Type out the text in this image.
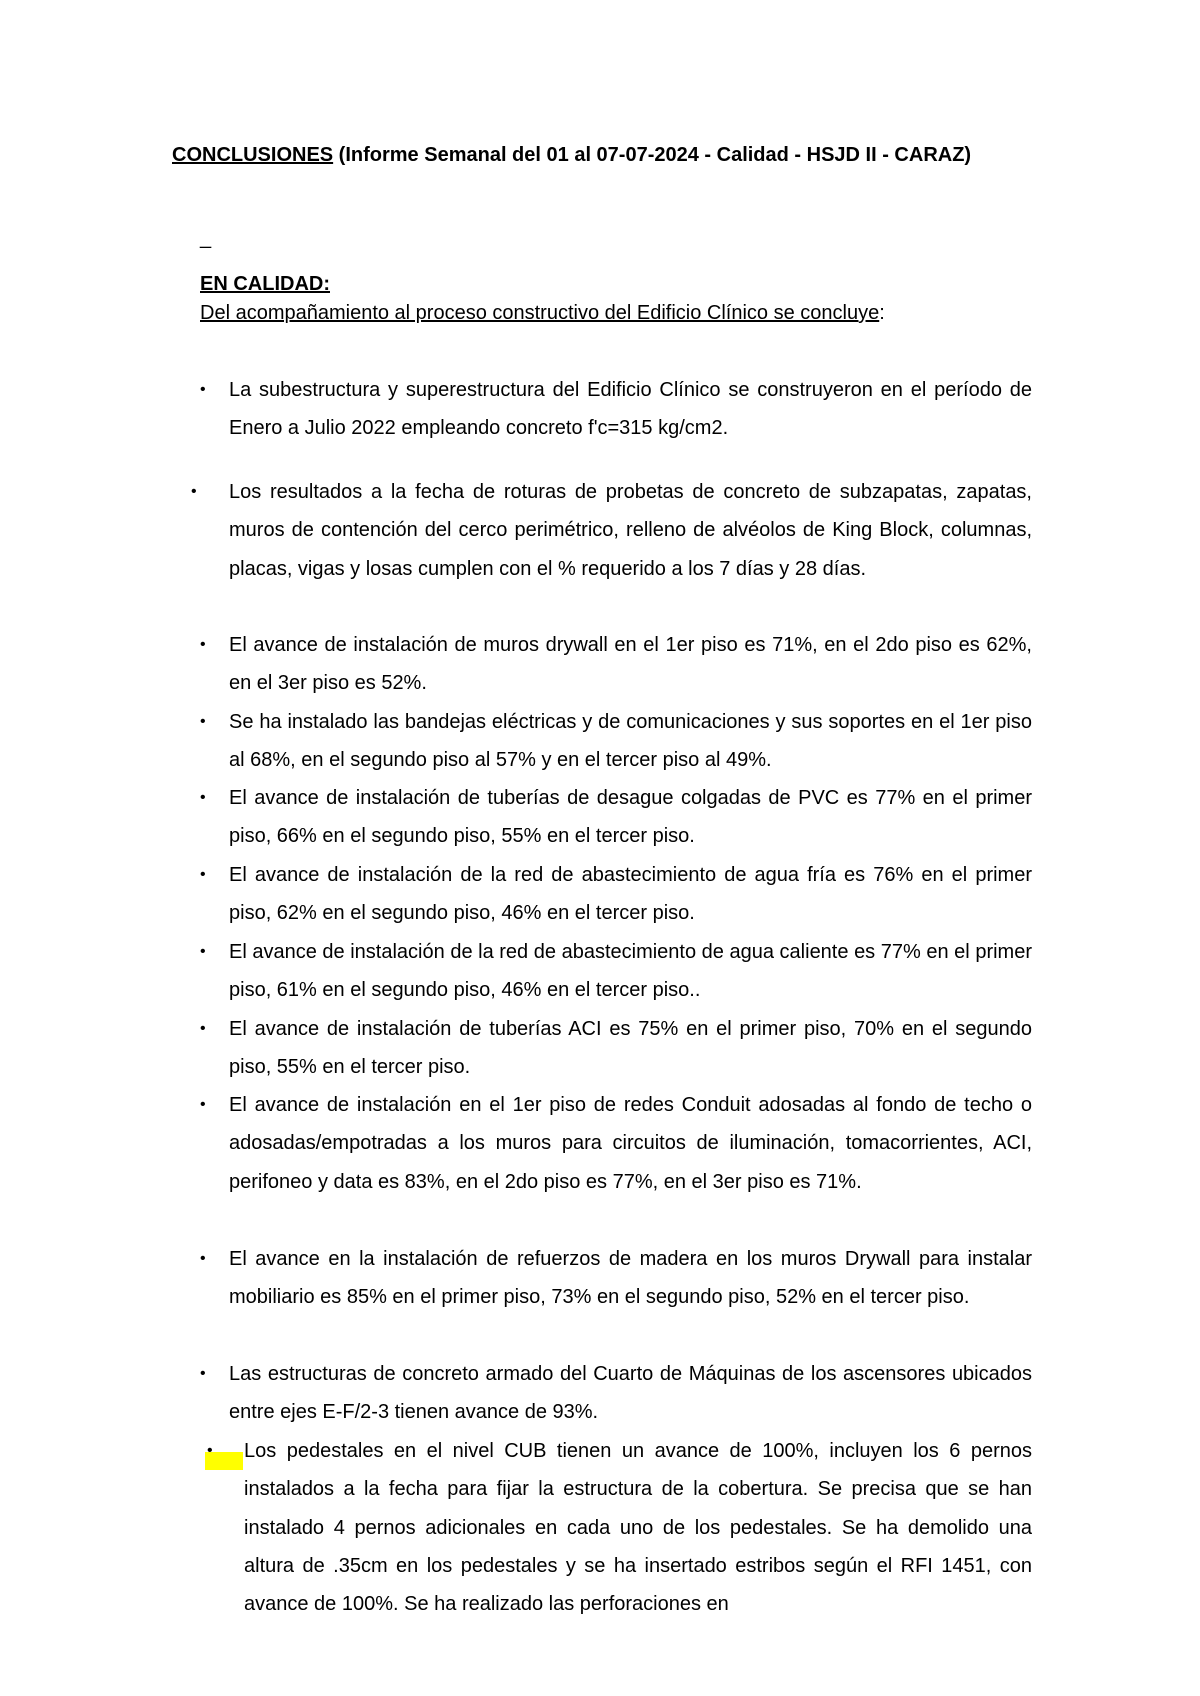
CONCLUSIONES (Informe Semanal del 01 al 07-07-2024 - Calidad - HSJD II - CARAZ)
_
EN CALIDAD:
Del acompañamiento al proceso constructivo del Edificio Clínico se concluye:
• La subestructura y superestructura del Edificio Clínico se construyeron en el período de Enero a Julio 2022 empleando concreto f'c=315 kg/cm2.
• Los resultados a la fecha de roturas de probetas de concreto de subzapatas, zapatas, muros de contención del cerco perimétrico, relleno de alvéolos de King Block, columnas, placas, vigas y losas cumplen con el % requerido a los 7 días y 28 días.
• El avance de instalación de muros drywall en el 1er piso es 71%, en el 2do piso es 62%, en el 3er piso es 52%.
• Se ha instalado las bandejas eléctricas y de comunicaciones y sus soportes en el 1er piso al 68%, en el segundo piso al 57% y en el tercer piso al 49%.
• El avance de instalación de tuberías de desague colgadas de PVC es 77% en el primer piso, 66% en el segundo piso, 55% en el tercer piso.
• El avance de instalación de la red de abastecimiento de agua fría es 76% en el primer piso, 62% en el segundo piso, 46% en el tercer piso.
• El avance de instalación de la red de abastecimiento de agua caliente es 77% en el primer piso, 61% en el segundo piso, 46% en el tercer piso..
• El avance de instalación de tuberías ACI es 75% en el primer piso, 70% en el segundo piso, 55% en el tercer piso.
• El avance de instalación en el 1er piso de redes Conduit adosadas al fondo de techo o adosadas/empotradas a los muros para circuitos de iluminación, tomacorrientes, ACI, perifoneo y data es 83%, en el 2do piso es 77%, en el 3er piso es 71%.
• El avance en la instalación de refuerzos de madera en los muros Drywall para instalar mobiliario es 85% en el primer piso, 73% en el segundo piso, 52% en el tercer piso.
• Las estructuras de concreto armado del Cuarto de Máquinas de los ascensores ubicados entre ejes E-F/2-3 tienen avance de 93%.
• Los pedestales en el nivel CUB tienen un avance de 100%, incluyen los 6 pernos instalados a la fecha para fijar la estructura de la cobertura. Se precisa que se han instalado 4 pernos adicionales en cada uno de los pedestales. Se ha demolido una altura de .35cm en los pedestales y se ha insertado estribos según el RFI 1451, con avance de 100%. Se ha realizado las perforaciones en
